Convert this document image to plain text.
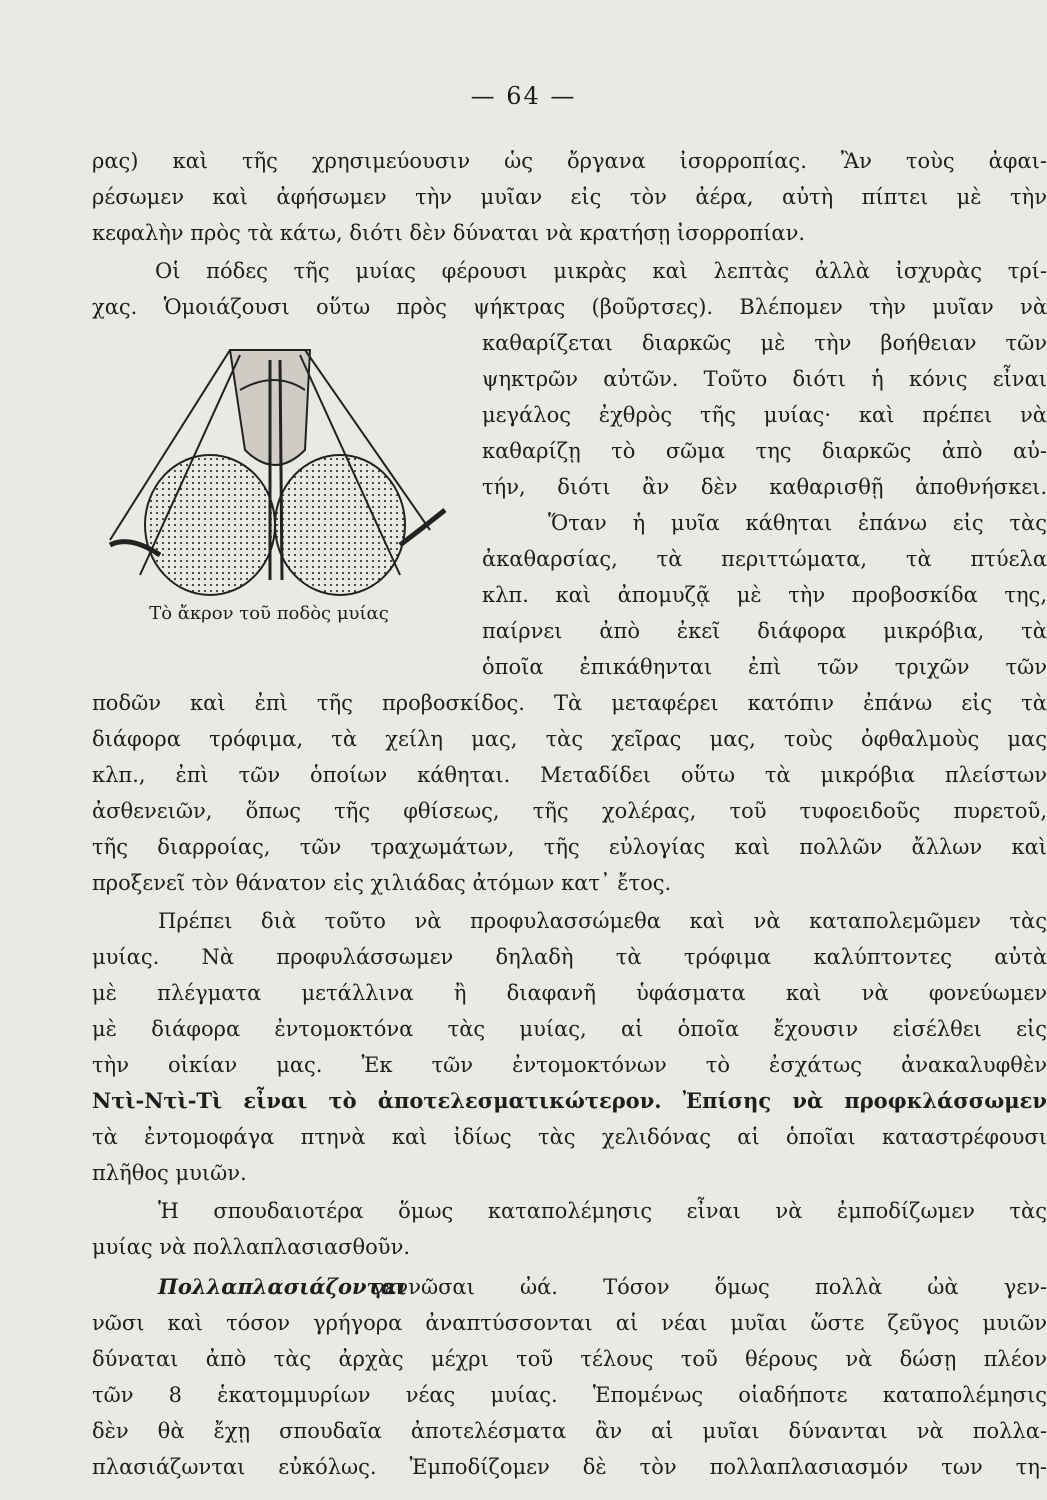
— 64 —
ρας) καὶ τῆς χρησιμεύουσιν ὡς ὄργανα ἰσορροπίας. Ἂν τοὺς ἀφαι-
ρέσωμεν καὶ ἀφήσωμεν τὴν μυῖαν εἰς τὸν ἀέρα, αὐτὴ πίπτει μὲ τὴν
κεφαλὴν πρὸς τὰ κάτω, διότι δὲν δύναται νὰ κρατήσῃ ἰσορροπίαν.
Οἱ πόδες τῆς μυίας φέρουσι μικρὰς καὶ λεπτὰς ἀλλὰ ἰσχυρὰς τρί-
χας. Ὁμοιάζουσι οὕτω πρὸς ψήκτρας (βοῦρτσες). Βλέπομεν τὴν μυῖαν νὰ
καθαρίζεται διαρκῶς μὲ τὴν βοήθειαν τῶν
ψηκτρῶν αὐτῶν. Τοῦτο διότι ἡ κόνις εἶναι
μεγάλος ἐχθρὸς τῆς μυίας· καὶ πρέπει νὰ
καθαρίζῃ τὸ σῶμα της διαρκῶς ἀπὸ αὐ-
τήν, διότι ἂν δὲν καθαρισθῇ ἀποθνήσκει.
Ὅταν ἡ μυῖα κάθηται ἐπάνω εἰς τὰς
ἀκαθαρσίας, τὰ περιττώματα, τὰ πτύελα
κλπ. καὶ ἀπομυζᾷ μὲ τὴν προβοσκίδα της,
παίρνει ἀπὸ ἐκεῖ διάφορα μικρόβια, τὰ
ὁποῖα ἐπικάθηνται ἐπὶ τῶν τριχῶν τῶν
ποδῶν καὶ ἐπὶ τῆς προβοσκίδος. Τὰ μεταφέρει κατόπιν ἐπάνω εἰς τὰ
διάφορα τρόφιμα, τὰ χείλη μας, τὰς χεῖρας μας, τοὺς ὀφθαλμοὺς μας
κλπ., ἐπὶ τῶν ὁποίων κάθηται. Μεταδίδει οὕτω τὰ μικρόβια πλείστων
ἀσθενειῶν, ὅπως τῆς φθίσεως, τῆς χολέρας, τοῦ τυφοειδοῦς πυρετοῦ,
τῆς διαρροίας, τῶν τραχωμάτων, τῆς εὐλογίας καὶ πολλῶν ἄλλων καὶ
προξενεῖ τὸν θάνατον εἰς χιλιάδας ἀτόμων κατ᾽ ἔτος.
Πρέπει διὰ τοῦτο νὰ προφυλασσώμεθα καὶ νὰ καταπολεμῶμεν τὰς
μυίας. Νὰ προφυλάσσωμεν δηλαδὴ τὰ τρόφιμα καλύπτοντες αὐτὰ
μὲ πλέγματα μετάλλινα ἢ διαφανῆ ὑφάσματα καὶ νὰ φονεύωμεν
μὲ διάφορα ἐντομοκτόνα τὰς μυίας, αἱ ὁποῖα ἔχουσιν εἰσέλθει εἰς
τὴν οἰκίαν μας. Ἐκ τῶν ἐντομοκτόνων τὸ ἐσχάτως ἀνακαλυφθὲν
Ντὶ-Ντὶ-Τὶ εἶναι τὸ ἀποτελεσματικώτερον. Ἐπίσης νὰ προφκλάσσωμεν
τὰ ἐντομοφάγα πτηνὰ καὶ ἰδίως τὰς χελιδόνας αἱ ὁποῖαι καταστρέφουσι
πλῆθος μυιῶν.
Ἡ σπουδαιοτέρα ὅμως καταπολέμησις εἶναι νὰ ἐμποδίζωμεν τὰς
μυίας νὰ πολλαπλασιασθοῦν.
Πολλαπλασιάζονται
γεννῶσαι ὠά. Τόσον ὅμως πολλὰ ὠὰ γεν-
νῶσι καὶ τόσον γρήγορα ἀναπτύσσονται αἱ νέαι μυῖαι ὥστε ζεῦγος μυιῶν
δύναται ἀπὸ τὰς ἀρχὰς μέχρι τοῦ τέλους τοῦ θέρους νὰ δώσῃ πλέον
τῶν 8 ἑκατομμυρίων νέας μυίας. Ἑπομένως οἱαδήποτε καταπολέμησις
δὲν θὰ ἔχῃ σπουδαῖα ἀποτελέσματα ἂν αἱ μυῖαι δύνανται νὰ πολλα-
πλασιάζωνται εὐκόλως. Ἐμποδίζομεν δὲ τὸν πολλαπλασιασμόν των τη-
Τὸ ἄκρον τοῦ ποδὸς μυίας
